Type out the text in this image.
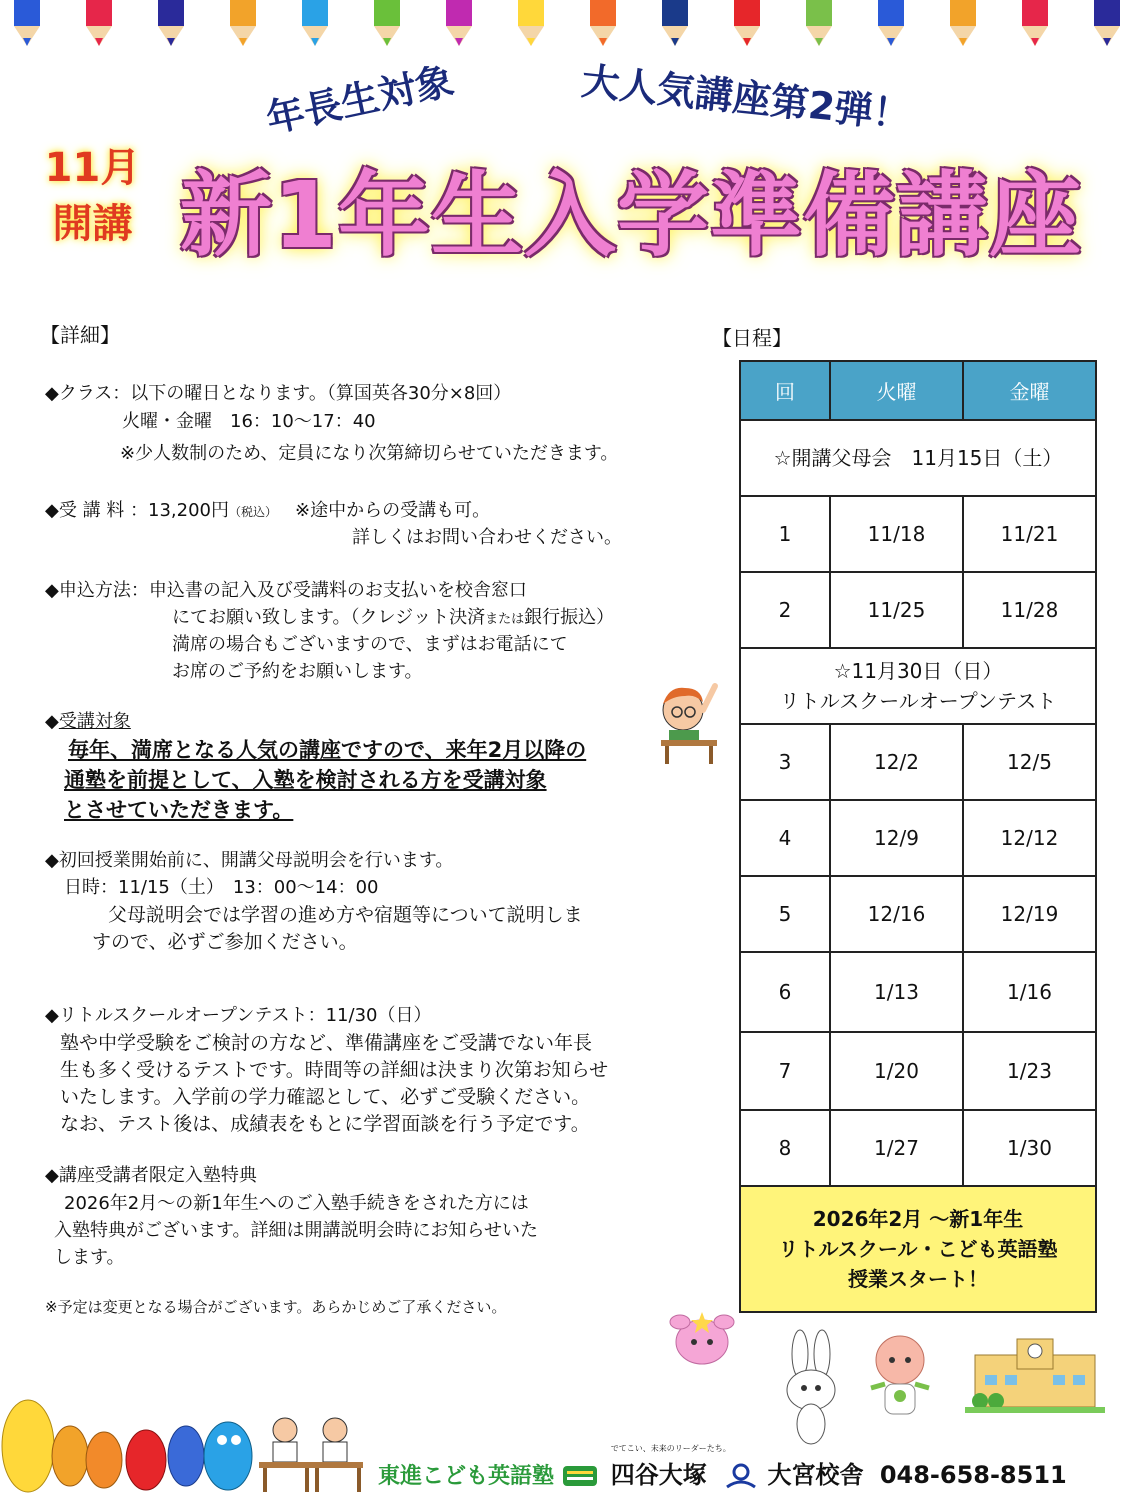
年長生対象	大人気講座第2弾！
11月
開講 新1年生入学準備講座
【詳細】
◆クラス：以下の曜日となります。（算国英各30分×8回）
火曜・金曜　16：10〜17：40
※少人数制のため、定員になり次第締切らせていただきます。
◆受 講 料 ：13,200円（税込） ※途中からの受講も可。
詳しくはお問い合わせください。
◆申込方法：申込書の記入及び受講料のお支払いを校舎窓口
にてお願い致します。（クレジット決済または銀行振込）
満席の場合もございますので、まずはお電話にて
お席のご予約をお願いします。
◆受講対象
毎年、満席となる人気の講座ですので、来年2月以降の
通塾を前提として、入塾を検討される方を受講対象
とさせていただきます。
◆初回授業開始前に、開講父母説明会を行います。
日時：11/15（土）　13：00〜14：00
父母説明会では学習の進め方や宿題等について説明しま
すので、必ずご参加ください。
◆リトルスクールオープンテスト：11/30（日）
塾や中学受験をご検討の方など、準備講座をご受講でない年長
生も多く受けるテストです。時間等の詳細は決まり次第お知らせ
いたします。入学前の学力確認として、必ずご受験ください。
なお、テスト後は、成績表をもとに学習面談を行う予定です。
◆講座受講者限定入塾特典
2026年2月〜の新1年生へのご入塾手続きをされた方には
入塾特典がございます。詳細は開講説明会時にお知らせいた
します。
※予定は変更となる場合がございます。あらかじめご了承ください。
【日程】
回	火曜	金曜
☆開講父母会　11月15日（土）		
1	11/18	11/21
2	11/25	11/28

☆11月30日（日）
リトルスクールオープンテスト		

3	12/2	12/5
4	12/9	12/12
5	12/16	12/19
6	1/13	1/16
7	1/20	1/23
8	1/27	1/30

2026年2月 〜新1年生
リトルスクール・こども英語塾
授業スタート！		
東進こども英語塾
でてこい、未来のリーダーたち。
四谷大塚	大宮校舎 048-658-8511
